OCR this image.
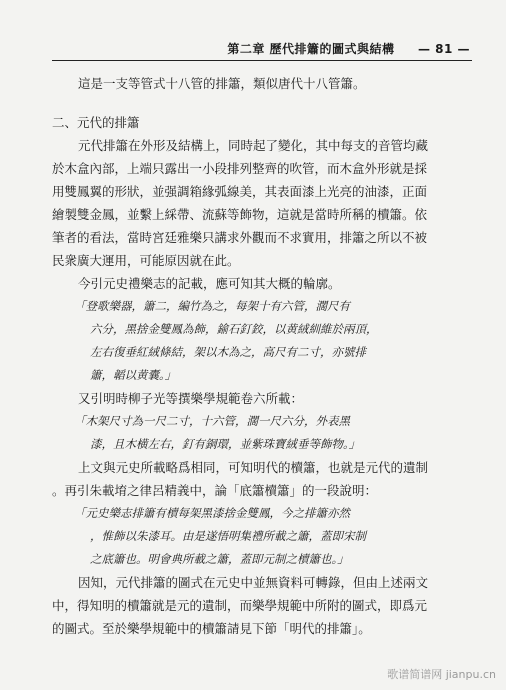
第二章 歷代排簫的圖式與結構 — 81 —

這是一支等管式十八管的排簫，類似唐代十八管簫。

二、元代的排簫

元代排簫在外形及結構上，同時起了變化，其中每支的音管均藏

於木盒內部，上端只露出一小段排列整齊的吹管，而木盒外形就是採

用雙鳳翼的形狀，並强調箱緣弧線美，其表面漆上光亮的油漆，正面

繪製雙金鳳，並繫上綵帶、流蘇等飾物，這就是當時所稱的櫝簫。依

筆者的看法，當時宮廷雅樂只講求外觀而不求實用，排簫之所以不被

民衆廣大運用，可能原因就在此。

今引元史禮樂志的記載，應可知其大概的輪廓。

「登歌樂器，簫二，編竹為之，每架十有六管，濶尺有

六分，黑捨金雙鳳為飾，鍮石釘鉸，以黄絨紃維於兩頂，

左右復垂紅絨條結，架以木為之，高尺有二寸，亦號排

簫，韜以黄囊。」

又引明時柳子光等撰樂學規範卷六所載：

「木架尺寸為一尺二寸，十六管，濶一尺六分，外表黑

漆，且木横左右，釘有銅環，並紫珠寶絨垂等飾物。」

上文與元史所載略爲相同，可知明代的櫝簫，也就是元代的遺制

。再引朱載堉之律呂精義中，論「底簫櫝簫」的一段說明：

「元史樂志排簫有櫝每架黑漆捨金雙鳳，今之排簫亦然

，惟飾以朱漆耳。由是遂悟明集禮所載之簫，蓋即宋制

之底簫也。明會典所載之簫，蓋即元制之櫝簫也。」

因知，元代排簫的圖式在元史中並無資料可轉錄，但由上述兩文

中，得知明的櫝簫就是元的遺制，而樂學規範中所附的圖式，即爲元

的圖式。至於樂學規範中的櫝簫請見下節「明代的排簫」。

歌谱简谱网 jianpu.cn
